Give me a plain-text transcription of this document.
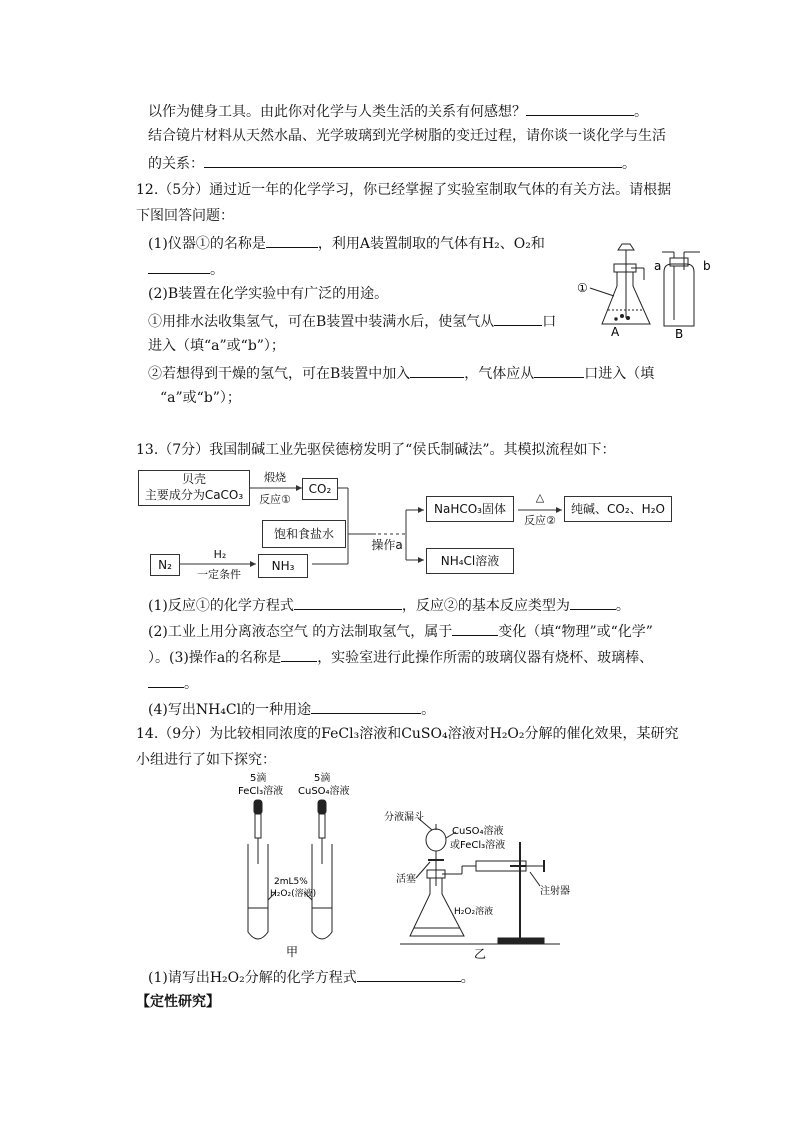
以作为健身工具。由此你对化学与人类生活的关系有何感想？	。
结合镜片材料从天然水晶、光学玻璃到光学树脂的变迁过程，请你谈一谈化学与生活
的关系：	。
12.（5分）通过近一年的化学学习，你已经掌握了实验室制取气体的有关方法。请根据
下图回答问题：
(1)仪器①的名称是	，利用A装置制取的气体有H₂、O₂和
。
(2)B装置在化学实验中有广泛的用途。
①用排水法收集氢气，可在B装置中装满水后，使氢气从	口
进入（填“a”或“b”）；
②若想得到干燥的氢气，可在B装置中加入	，气体应从	口进入（填
“a”或“b”）；
①
A
a	b
B
13.（7分）我国制碱工业先驱侯德榜发明了“侯氏制碱法”。其模拟流程如下：
贝壳
主要成分为CaCO₃
煅烧
反应①
CO₂
饱和食盐水
N₂
H₂
一定条件
NH₃
操作a
NaHCO₃固体
△
反应②
纯碱、CO₂、H₂O
NH₄Cl溶液
(1)反应①的化学方程式	，反应②的基本反应类型为	。
(2)工业上用分离液态空气 的方法制取氢气，属于	变化（填“物理”或“化学”
）。(3)操作a的名称是	，实验室进行此操作所需的玻璃仪器有烧杯、玻璃棒、
。
(4)写出NH₄Cl的一种用途	。
14.（9分）为比较相同浓度的FeCl₃溶液和CuSO₄溶液对H₂O₂分解的催化效果，某研究
小组进行了如下探究：
5滴
FeCl₃溶液
5滴
CuSO₄溶液
2mL5%
H₂O₂(溶液)
甲
分液漏斗
CuSO₄溶液
或FeCl₃溶液
活塞
注射器
H₂O₂溶液
乙
(1)请写出H₂O₂分解的化学方程式	。
【定性研究】
